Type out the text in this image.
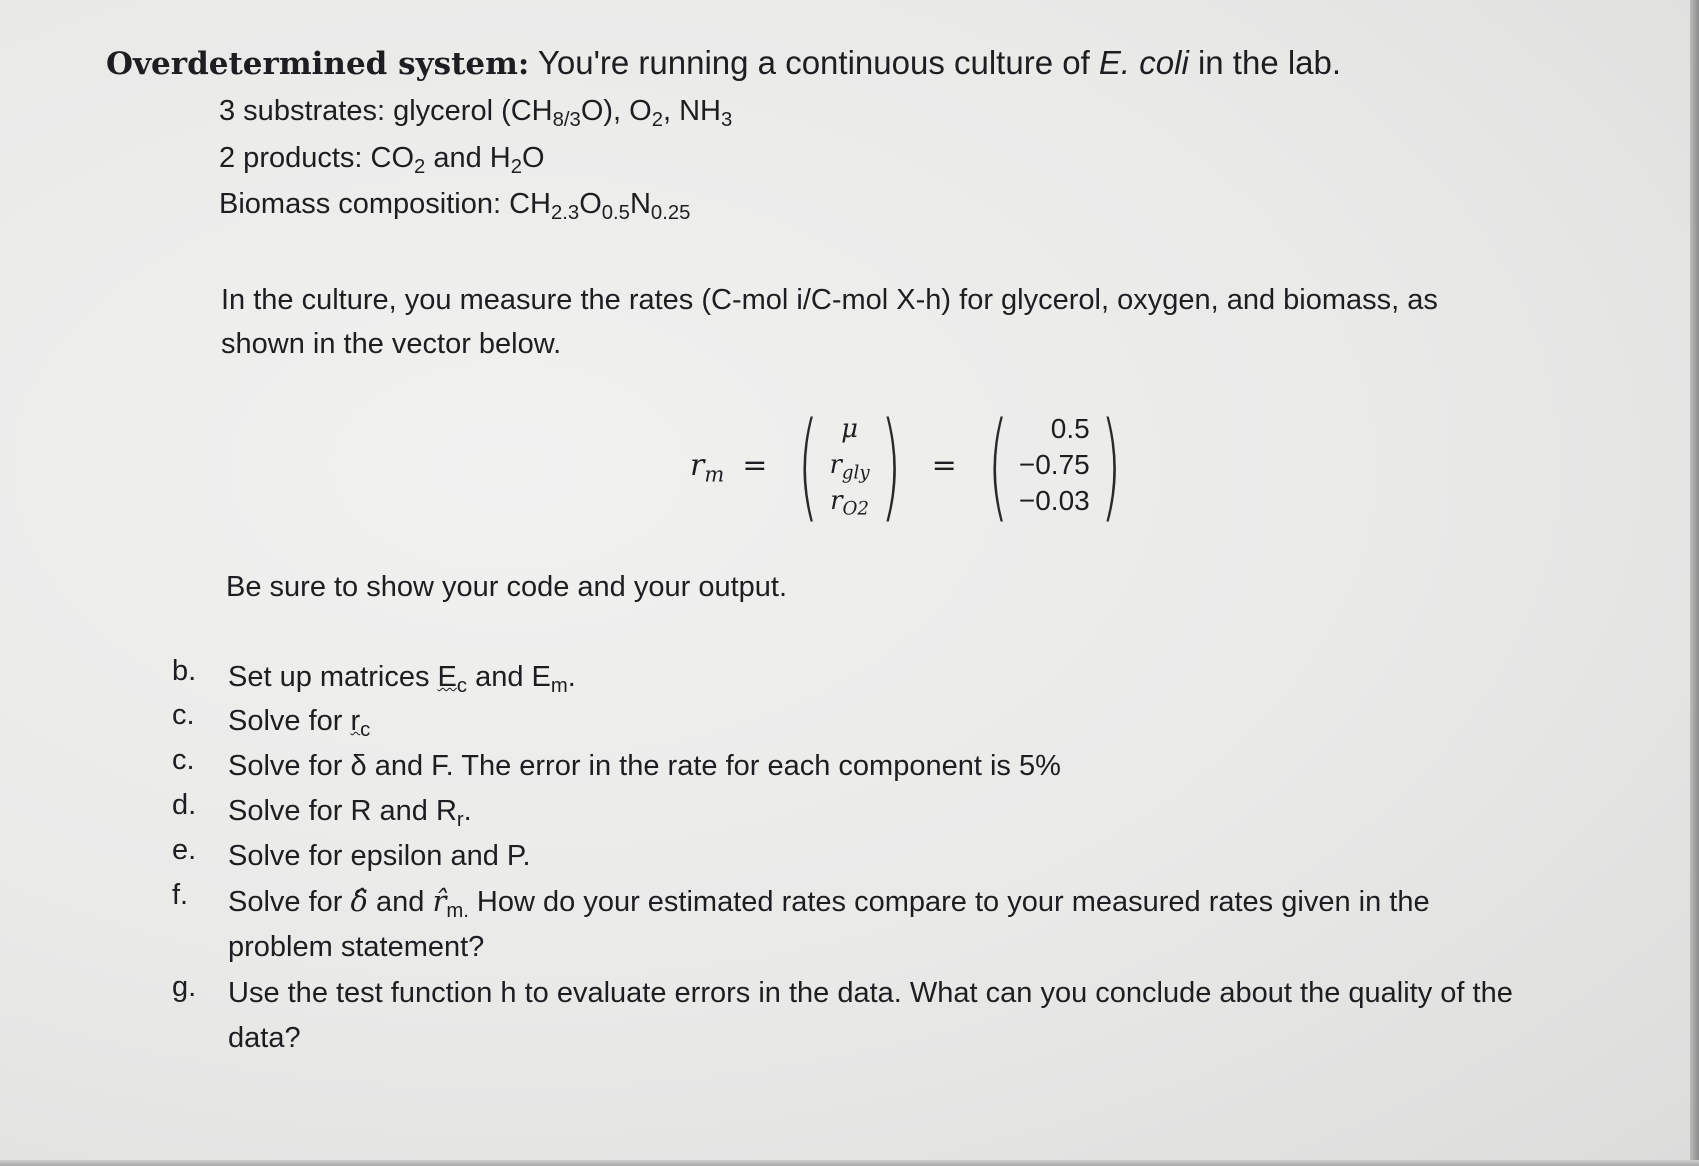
Overdetermined system: You're running a continuous culture of E. coli in the lab.
3 substrates: glycerol $(CH_{8/3}O)$, $O_2$, $NH_3$
2 products: $CO_2$ and $H_2O$
Biomass composition: $CH_{2.3}O_{0.5}N_{0.25}$
In the culture, you measure the rates (C-mol i/C-mol X-h) for glycerol, oxygen, and biomass, as shown in the vector below.
$r_m$ = ( μ
$r_{gly}$
$r_{O2}$ ) = ( 0.5
−0.75
−0.03 )
Be sure to show your code and your output.
b.	Set up matrices $E_c$ and $E_m$.
c.	Solve for $r_c$
c.	Solve for δ and F. The error in the rate for each component is 5%
d.	Solve for R and $R_r$.
e.	Solve for epsilon and P.
f.	Solve for δ̂ and $r̂_{m.}$ How do your estimated rates compare to your measured rates given in the problem statement?
g.	Use the test function h to evaluate errors in the data. What can you conclude about the quality of the data?
